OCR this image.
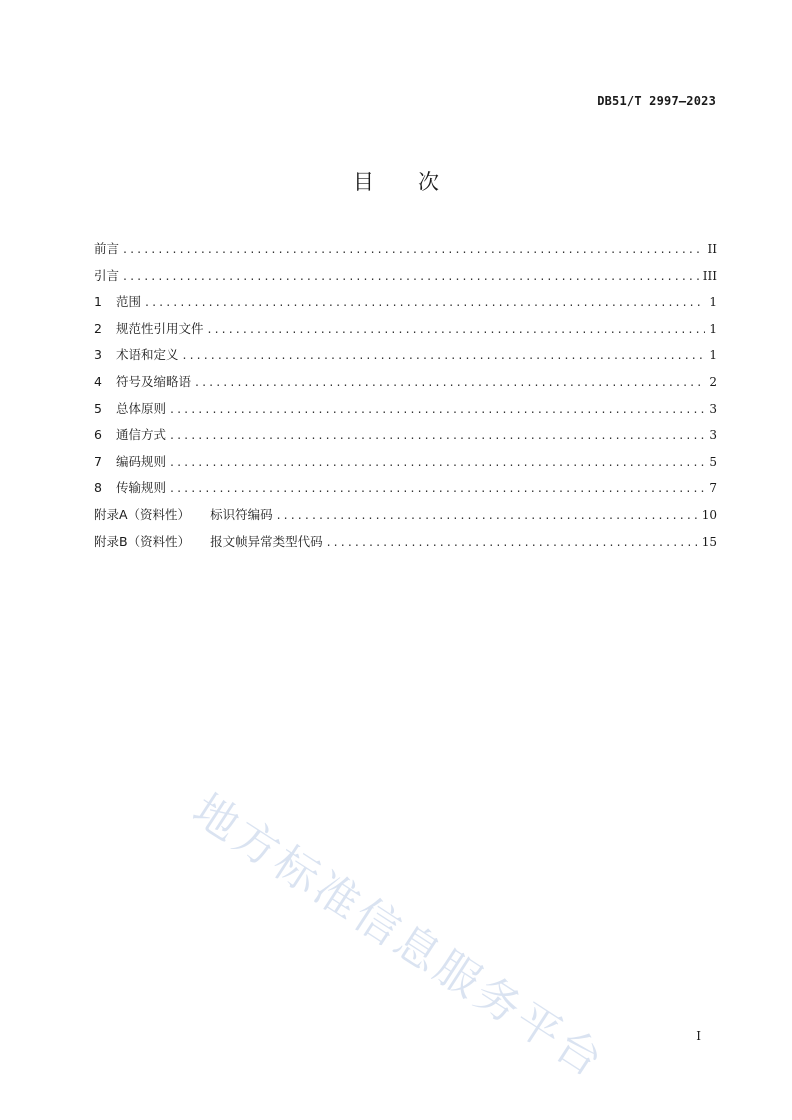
DB51/T 2997—2023
目次
前言 .....	II
引言 .....	III
1	范围 .....	1
2	规范性引用文件 .....	1
3	术语和定义 .....	1
4	符号及缩略语 .....	2
5	总体原则 .....	3
6	通信方式 .....	3
7	编码规则 .....	5
8	传输规则 .....	7
附录A（资料性） 标识符编码 .....	10
附录B（资料性） 报文帧异常类型代码 .....	15
地方标准信息服务平台	I
